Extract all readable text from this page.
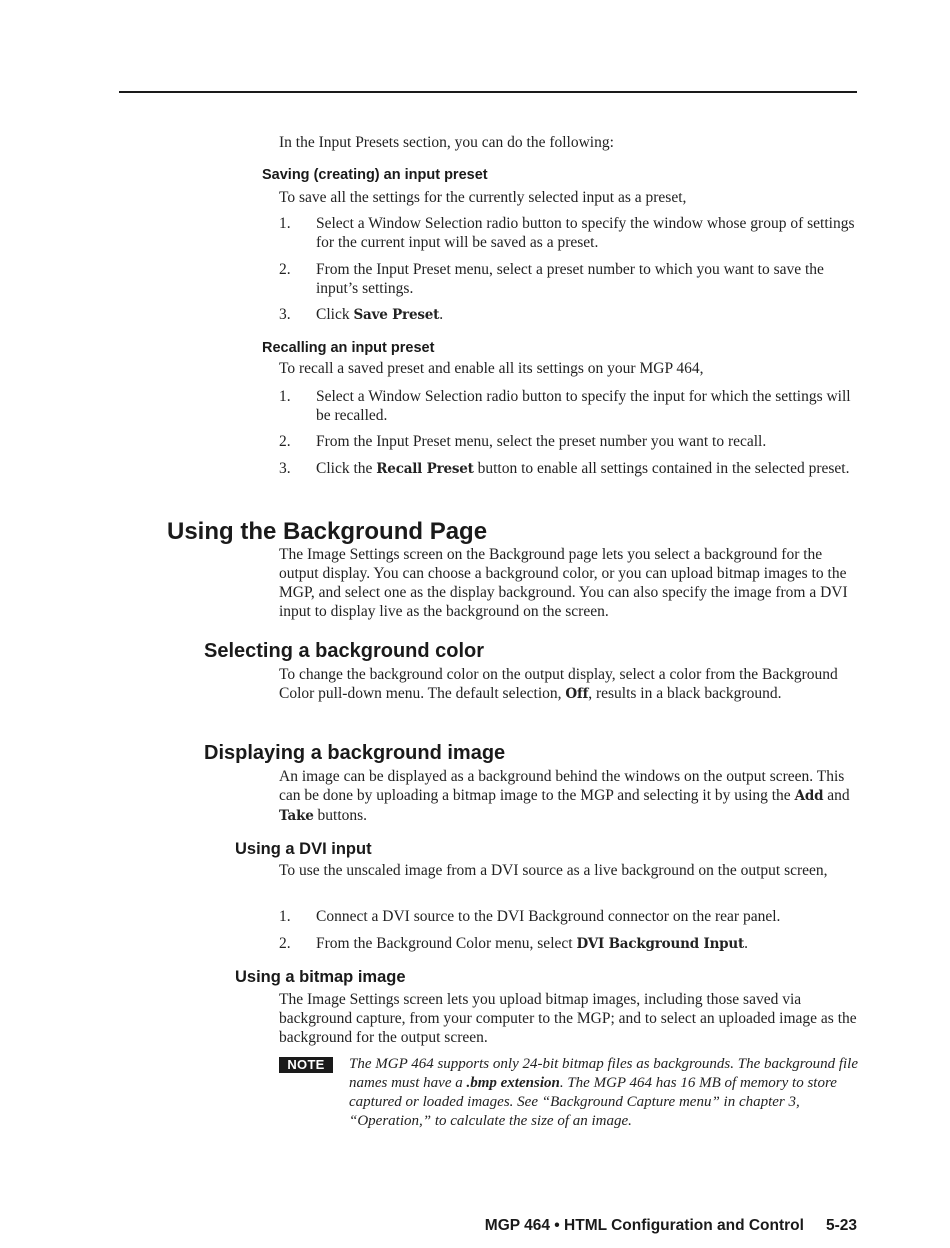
In the Input Presets section, you can do the following:

Saving (creating) an input preset

To save all the settings for the currently selected input as a preset,

1. Select a Window Selection radio button to specify the window whose group of settings for the current input will be saved as a preset.
2. From the Input Preset menu, select a preset number to which you want to save the input’s settings.
3. Click Save Preset.
Recalling an input preset

To recall a saved preset and enable all its settings on your MGP 464,

1. Select a Window Selection radio button to specify the input for which the settings will be recalled.
2. From the Input Preset menu, select the preset number you want to recall.
3. Click the Recall Preset button to enable all settings contained in the selected preset.
Using the Background Page

The Image Settings screen on the Background page lets you select a background for the output display. You can choose a background color, or you can upload bitmap images to the MGP, and select one as the display background. You can also specify the image from a DVI input to display live as the background on the screen.

Selecting a background color

To change the background color on the output display, select a color from the Background Color pull-down menu. The default selection, Off, results in a black background.

Displaying a background image

An image can be displayed as a background behind the windows on the output screen. This can be done by uploading a bitmap image to the MGP and selecting it by using the Add and Take buttons.

Using a DVI input

To use the unscaled image from a DVI source as a live background on the output screen,

1. Connect a DVI source to the DVI Background connector on the rear panel.
2. From the Background Color menu, select DVI Background Input.
Using a bitmap image

The Image Settings screen lets you upload bitmap images, including those saved via background capture, from your computer to the MGP; and to select an uploaded image as the background for the output screen.

NOTE	The MGP 464 supports only 24-bit bitmap files as backgrounds. The background file names must have a .bmp extension. The MGP 464 has 16 MB of memory to store captured or loaded images. See “Background Capture menu” in chapter 3, “Operation,” to calculate the size of an image.

MGP 464 • HTML Configuration and Control 5-23
